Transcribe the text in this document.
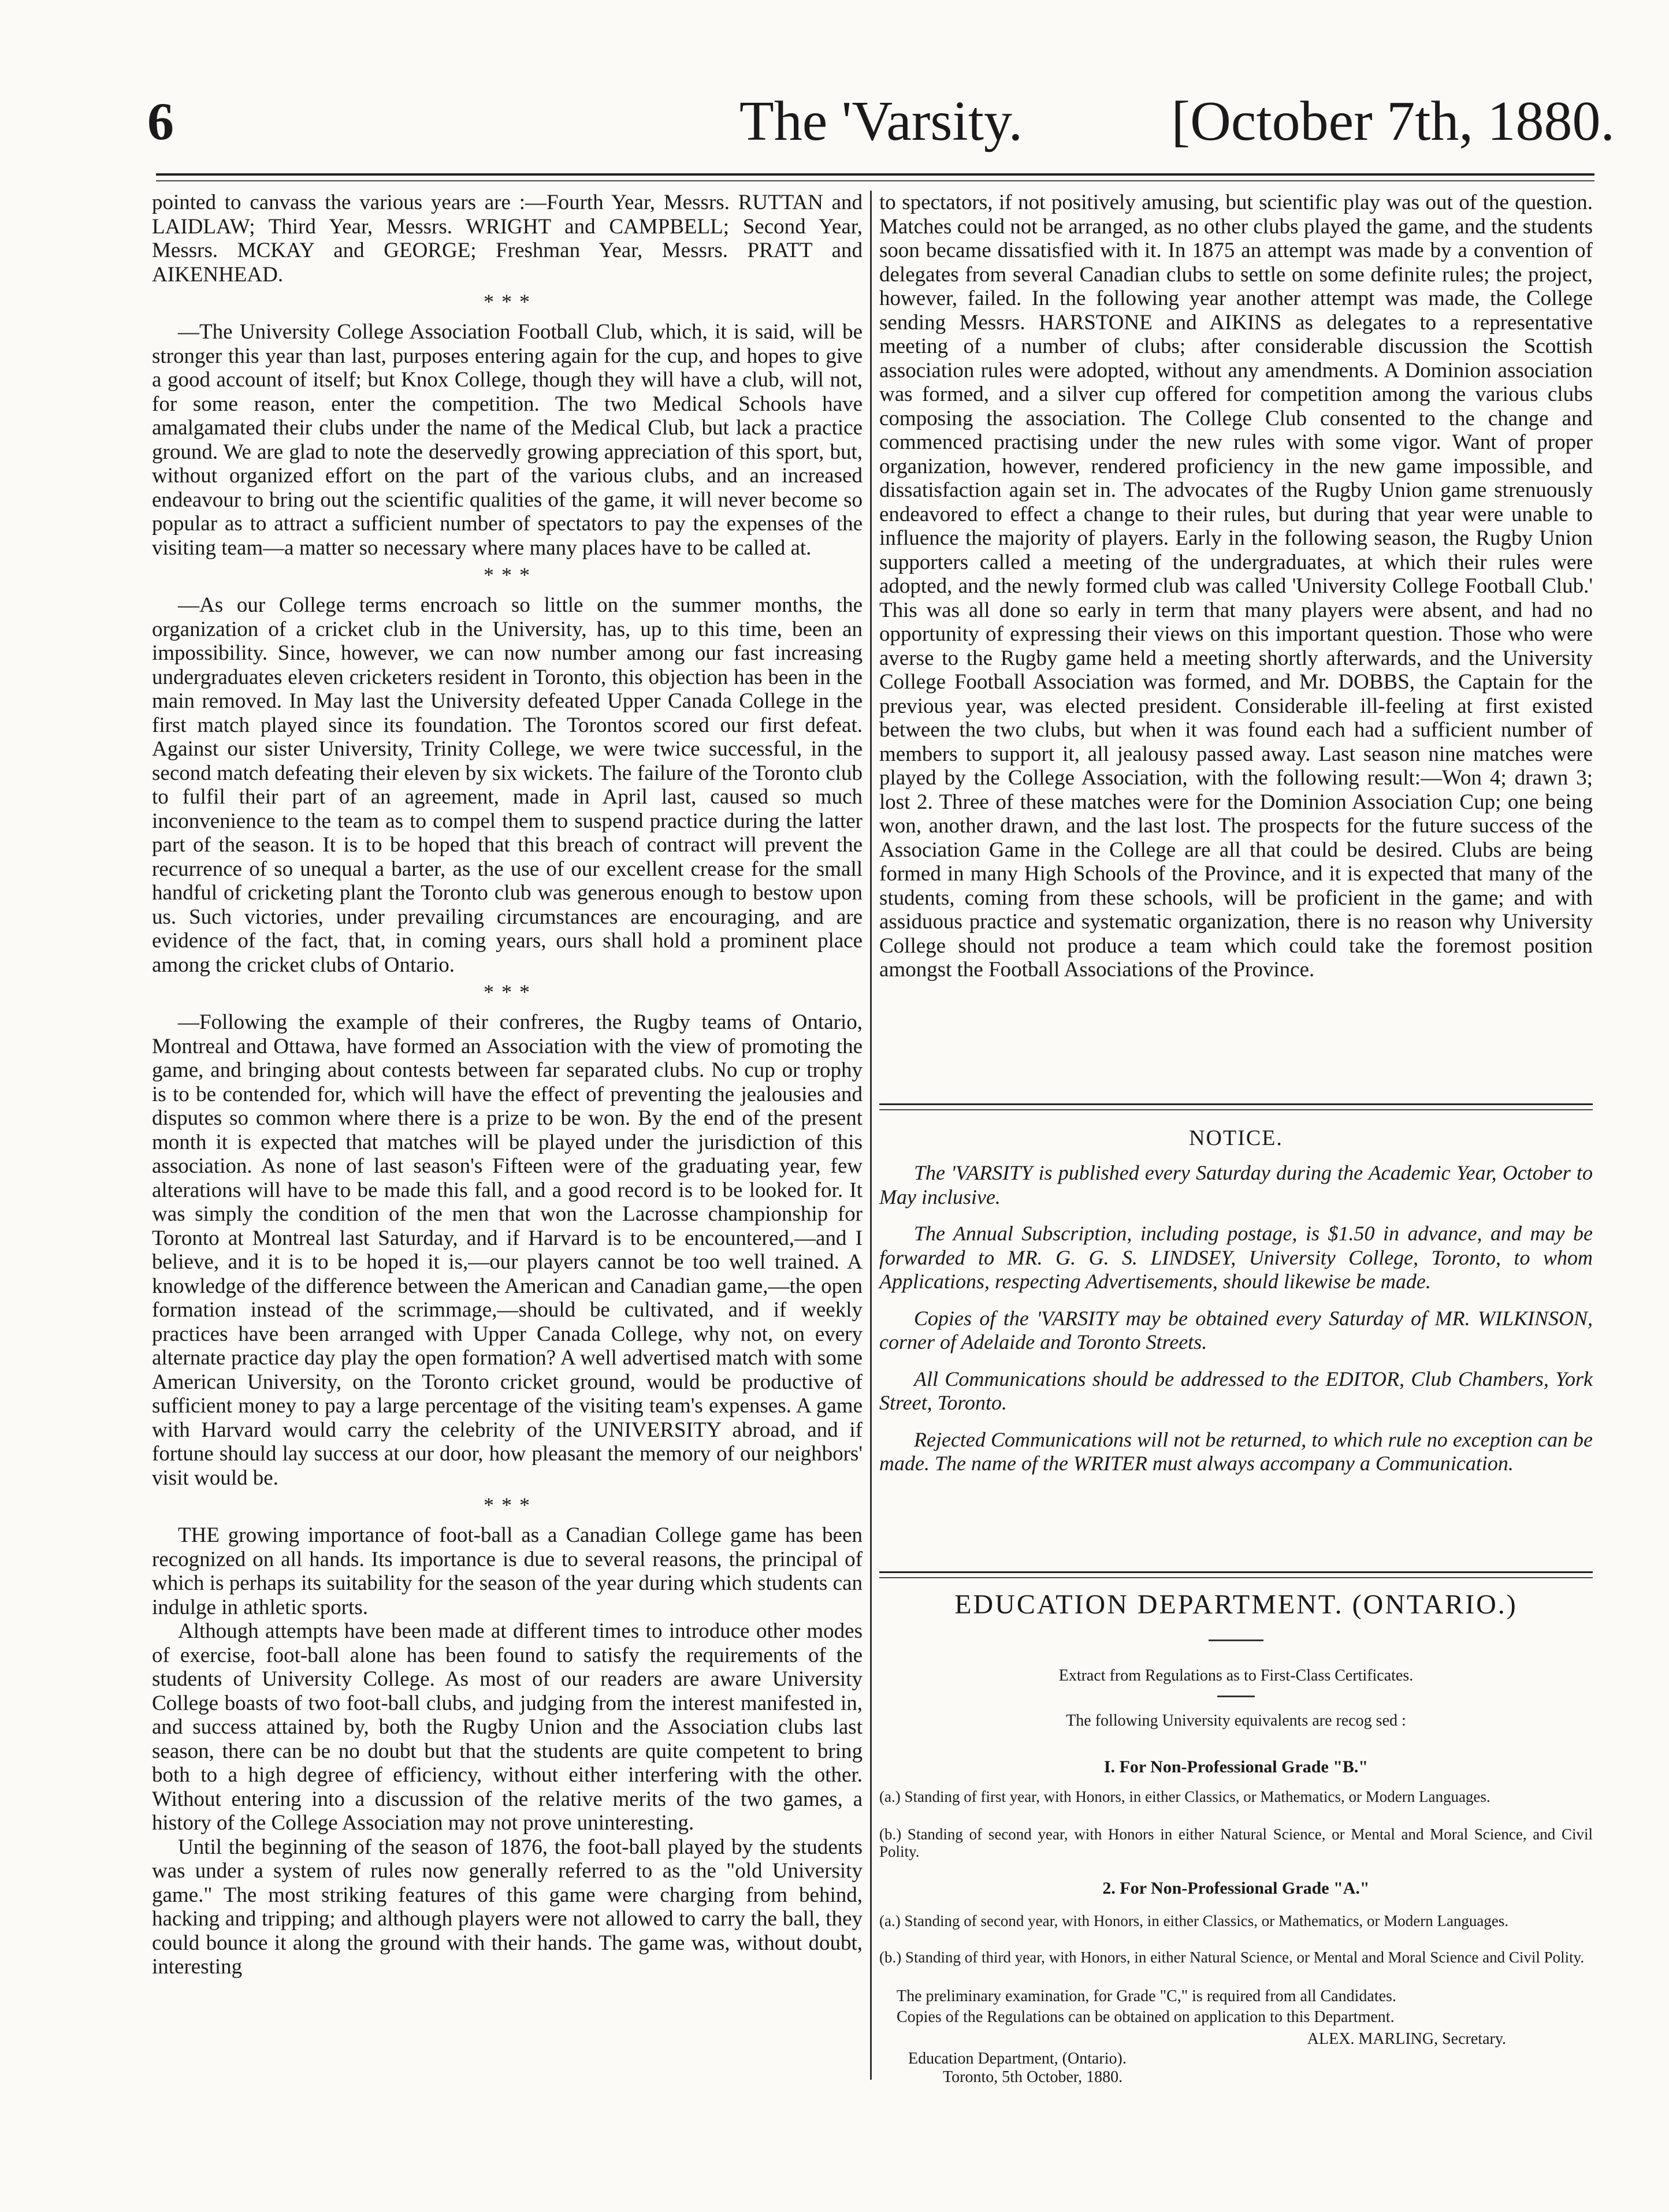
6	The 'Varsity.	[October 7th, 1880.

pointed to canvass the various years are :—Fourth Year, Messrs. RUTTAN and LAIDLAW; Third Year, Messrs. WRIGHT and CAMPBELL; Second Year, Messrs. MCKAY and GEORGE; Freshman Year, Messrs. PRATT and AIKENHEAD.

* * *

—The University College Association Football Club, which, it is said, will be stronger this year than last, purposes entering again for the cup, and hopes to give a good account of itself; but Knox College, though they will have a club, will not, for some reason, enter the competition. The two Medical Schools have amalgamated their clubs under the name of the Medical Club, but lack a practice ground. We are glad to note the deservedly growing appreciation of this sport, but, without organized effort on the part of the various clubs, and an increased endeavour to bring out the scientific qualities of the game, it will never become so popular as to attract a sufficient number of spectators to pay the expenses of the visiting team—a matter so necessary where many places have to be called at.

* * *

—As our College terms encroach so little on the summer months, the organization of a cricket club in the University, has, up to this time, been an impossibility. Since, however, we can now number among our fast increasing undergraduates eleven cricketers resident in Toronto, this objection has been in the main removed. In May last the University defeated Upper Canada College in the first match played since its foundation. The Torontos scored our first defeat. Against our sister University, Trinity College, we were twice successful, in the second match defeating their eleven by six wickets. The failure of the Toronto club to fulfil their part of an agreement, made in April last, caused so much inconvenience to the team as to compel them to suspend practice during the latter part of the season. It is to be hoped that this breach of contract will prevent the recurrence of so unequal a barter, as the use of our excellent crease for the small handful of cricketing plant the Toronto club was generous enough to bestow upon us. Such victories, under prevailing circumstances are encouraging, and are evidence of the fact, that, in coming years, ours shall hold a prominent place among the cricket clubs of Ontario.

* * *

—Following the example of their confreres, the Rugby teams of Ontario, Montreal and Ottawa, have formed an Association with the view of promoting the game, and bringing about contests between far separated clubs. No cup or trophy is to be contended for, which will have the effect of preventing the jealousies and disputes so common where there is a prize to be won. By the end of the present month it is expected that matches will be played under the jurisdiction of this association. As none of last season's Fifteen were of the graduating year, few alterations will have to be made this fall, and a good record is to be looked for. It was simply the condition of the men that won the Lacrosse championship for Toronto at Montreal last Saturday, and if Harvard is to be encountered,—and I believe, and it is to be hoped it is,—our players cannot be too well trained. A knowledge of the difference between the American and Canadian game,—the open formation instead of the scrimmage,—should be cultivated, and if weekly practices have been arranged with Upper Canada College, why not, on every alternate practice day play the open formation? A well advertised match with some American University, on the Toronto cricket ground, would be productive of sufficient money to pay a large percentage of the visiting team's expenses. A game with Harvard would carry the celebrity of the UNIVERSITY abroad, and if fortune should lay success at our door, how pleasant the memory of our neighbors' visit would be.

* * *

THE growing importance of foot-ball as a Canadian College game has been recognized on all hands. Its importance is due to several reasons, the principal of which is perhaps its suitability for the season of the year during which students can indulge in athletic sports.

Although attempts have been made at different times to introduce other modes of exercise, foot-ball alone has been found to satisfy the requirements of the students of University College. As most of our readers are aware University College boasts of two foot-ball clubs, and judging from the interest manifested in, and success attained by, both the Rugby Union and the Association clubs last season, there can be no doubt but that the students are quite competent to bring both to a high degree of efficiency, without either interfering with the other. Without entering into a discussion of the relative merits of the two games, a history of the College Association may not prove uninteresting.

Until the beginning of the season of 1876, the foot-ball played by the students was under a system of rules now generally referred to as the "old University game." The most striking features of this game were charging from behind, hacking and tripping; and although players were not allowed to carry the ball, they could bounce it along the ground with their hands. The game was, without doubt, interesting

to spectators, if not positively amusing, but scientific play was out of the question. Matches could not be arranged, as no other clubs played the game, and the students soon became dissatisfied with it. In 1875 an attempt was made by a convention of delegates from several Canadian clubs to settle on some definite rules; the project, however, failed. In the following year another attempt was made, the College sending Messrs. HARSTONE and AIKINS as delegates to a representative meeting of a number of clubs; after considerable discussion the Scottish association rules were adopted, without any amendments. A Dominion association was formed, and a silver cup offered for competition among the various clubs composing the association. The College Club consented to the change and commenced practising under the new rules with some vigor. Want of proper organization, however, rendered proficiency in the new game impossible, and dissatisfaction again set in. The advocates of the Rugby Union game strenuously endeavored to effect a change to their rules, but during that year were unable to influence the majority of players. Early in the following season, the Rugby Union supporters called a meeting of the undergraduates, at which their rules were adopted, and the newly formed club was called 'University College Football Club.' This was all done so early in term that many players were absent, and had no opportunity of expressing their views on this important question. Those who were averse to the Rugby game held a meeting shortly afterwards, and the University College Football Association was formed, and Mr. DOBBS, the Captain for the previous year, was elected president. Considerable ill-feeling at first existed between the two clubs, but when it was found each had a sufficient number of members to support it, all jealousy passed away. Last season nine matches were played by the College Association, with the following result:—Won 4; drawn 3; lost 2. Three of these matches were for the Dominion Association Cup; one being won, another drawn, and the last lost. The prospects for the future success of the Association Game in the College are all that could be desired. Clubs are being formed in many High Schools of the Province, and it is expected that many of the students, coming from these schools, will be proficient in the game; and with assiduous practice and systematic organization, there is no reason why University College should not produce a team which could take the foremost position amongst the Football Associations of the Province.

NOTICE.

The 'VARSITY is published every Saturday during the Academic Year, October to May inclusive.

The Annual Subscription, including postage, is $1.50 in advance, and may be forwarded to MR. G. G. S. LINDSEY, University College, Toronto, to whom Applications, respecting Advertisements, should likewise be made.

Copies of the 'VARSITY may be obtained every Saturday of MR. WILKINSON, corner of Adelaide and Toronto Streets.

All Communications should be addressed to the EDITOR, Club Chambers, York Street, Toronto.

Rejected Communications will not be returned, to which rule no exception can be made. The name of the WRITER must always accompany a Communication.

EDUCATION DEPARTMENT. (ONTARIO.)
Extract from Regulations as to First-Class Certificates.
The following University equivalents are recog sed :
I. For Non-Professional Grade "B."
(a.) Standing of first year, with Honors, in either Classics, or Mathematics, or Modern Languages.
(b.) Standing of second year, with Honors in either Natural Science, or Mental and Moral Science, and Civil Polity.
2. For Non-Professional Grade "A."
(a.) Standing of second year, with Honors, in either Classics, or Mathematics, or Modern Languages.
(b.) Standing of third year, with Honors, in either Natural Science, or Mental and Moral Science and Civil Polity.
The preliminary examination, for Grade "C," is required from all Candidates.
Copies of the Regulations can be obtained on application to this Department.
ALEX. MARLING, Secretary.
Education Department, (Ontario).
Toronto, 5th October, 1880.
